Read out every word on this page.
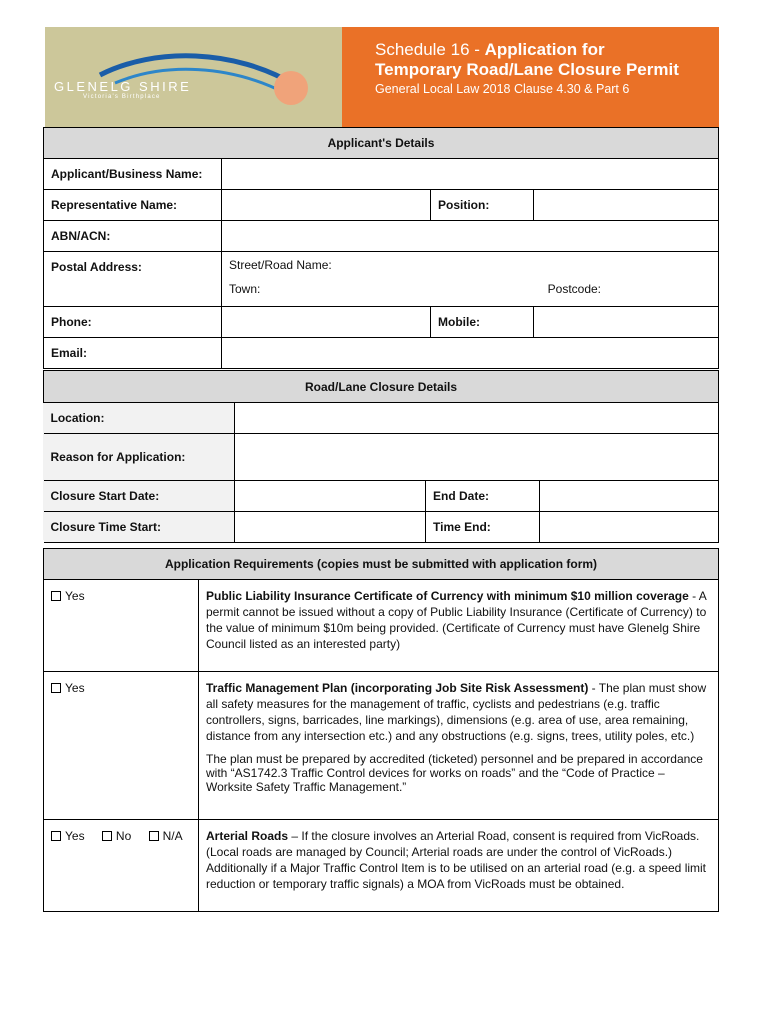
GLENELG SHIRE
Victoria's Birthplace
Schedule 16 - Application for
Temporary Road/Lane Closure Permit
General Local Law 2018 Clause 4.30 & Part 6
Applicant's Details			
Applicant/Business Name:			
Representative Name:		Position:	
ABN/ACN:			
Postal Address:	Street/Road Name:
Town: Postcode:		

Phone:		Mobile:	
Email:			
Road/Lane Closure Details			
Location:			
Reason for Application:			
Closure Start Date:		End Date:	
Closure Time Start:		Time End:	
Application Requirements (copies must be submitted with application form)	
Yes	Public Liability Insurance Certificate of Currency with minimum $10 million coverage - A permit cannot be issued without a copy of Public Liability Insurance (Certificate of Currency) to the value of minimum $10m being provided. (Certificate of Currency must have Glenelg Shire Council listed as an interested party)
Yes	Traffic Management Plan (incorporating Job Site Risk Assessment) - The plan must show all safety measures for the management of traffic, cyclists and pedestrians (e.g. traffic controllers, signs, barricades, line markings), dimensions (e.g. area of use, area remaining, distance from any intersection etc.) and any obstructions (e.g. signs, trees, utility poles, etc.)
The plan must be prepared by accredited (ticketed) personnel and be prepared in accordance with “AS1742.3 Traffic Control devices for works on roads” and the “Code of Practice – Worksite Safety Traffic Management.”

Yes No N/A	Arterial Roads – If the closure involves an Arterial Road, consent is required from VicRoads. (Local roads are managed by Council; Arterial roads are under the control of VicRoads.) Additionally if a Major Traffic Control Item is to be utilised on an arterial road (e.g. a speed limit reduction or temporary traffic signals) a MOA from VicRoads must be obtained.
